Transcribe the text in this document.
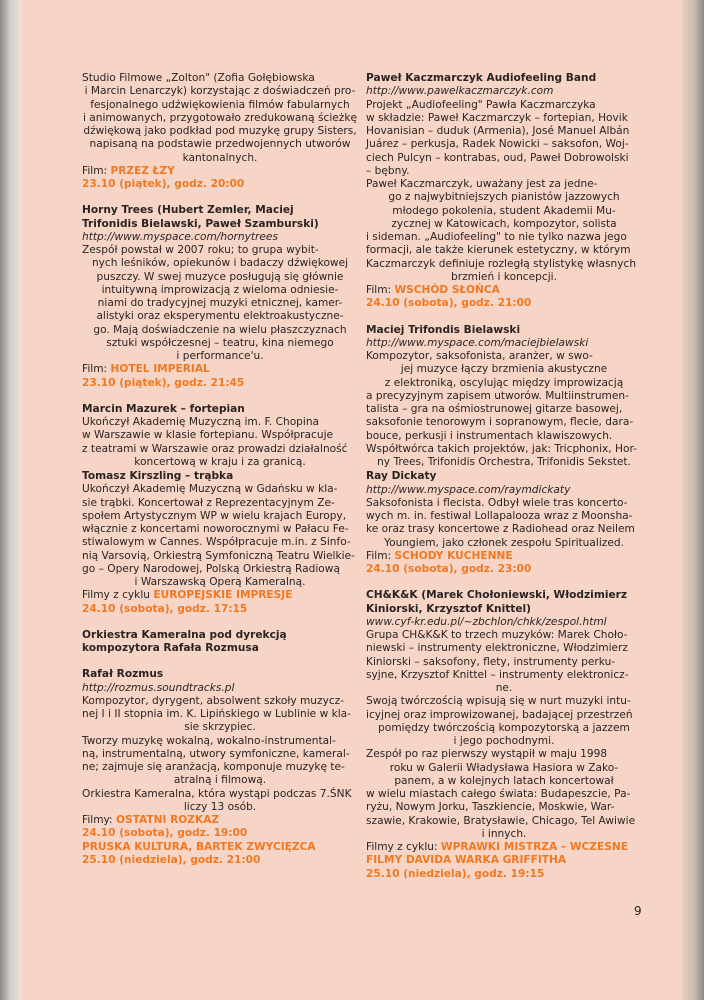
Studio Filmowe „Zolton" (Zofia Gołębiowska
i Marcin Lenarczyk) korzystając z doświadczeń pro-
fesjonalnego udźwiękowienia filmów fabularnych
i animowanych, przygotowało zredukowaną ścieżkę
dźwiękową jako podkład pod muzykę grupy Sisters,
napisaną na podstawie przedwojennych utworów
kantonalnych.
Film: PRZEZ ŁZY
23.10 (piątek), godz. 20:00
Horny Trees (Hubert Zemler, Maciej
Trifonidis Bielawski, Paweł Szamburski)
http://www.myspace.com/hornytrees
Zespół powstał w 2007 roku; to grupa wybit-
nych leśników, opiekunów i badaczy dźwiękowej
puszczy. W swej muzyce posługują się głównie
intuitywną improwizacją z wieloma odniesie-
niami do tradycyjnej muzyki etnicznej, kamer-
alistyki oraz eksperymentu elektroakustyczne-
go. Mają doświadczenie na wielu płaszczyznach
sztuki współczesnej – teatru, kina niemego
i performance'u.
Film: HOTEL IMPERIAL
23.10 (piątek), godz. 21:45
Marcin Mazurek – fortepian
Ukończył Akademię Muzyczną im. F. Chopina
w Warszawie w klasie fortepianu. Współpracuje
z teatrami w Warszawie oraz prowadzi działalność
koncertową w kraju i za granicą.
Tomasz Kirszling – trąbka
Ukończył Akademię Muzyczną w Gdańsku w kla-
sie trąbki. Koncertował z Reprezentacyjnym Ze-
społem Artystycznym WP w wielu krajach Europy,
włącznie z koncertami noworocznymi w Pałacu Fe-
stiwalowym w Cannes. Współpracuje m.in. z Sinfo-
nią Varsovią, Orkiestrą Symfoniczną Teatru Wielkie-
go – Opery Narodowej, Polską Orkiestrą Radiową
i Warszawską Operą Kameralną.
Filmy z cyklu EUROPEJSKIE IMPRESJE
24.10 (sobota), godz. 17:15
Orkiestra Kameralna pod dyrekcją
kompozytora Rafała Rozmusa
Rafał Rozmus
http://rozmus.soundtracks.pl
Kompozytor, dyrygent, absolwent szkoły muzycz-
nej I i II stopnia im. K. Lipińskiego w Lublinie w kla-
sie skrzypiec.
Tworzy muzykę wokalną, wokalno-instrumental-
ną, instrumentalną, utwory symfoniczne, kameral-
ne; zajmuje się aranżacją, komponuje muzykę te-
atralną i filmową.
Orkiestra Kameralna, która wystąpi podczas 7.ŚNK
liczy 13 osób.
Filmy: OSTATNI ROZKAZ
24.10 (sobota), godz. 19:00
PRUSKA KULTURA, BARTEK ZWYCIĘZCA
25.10 (niedziela), godz. 21:00
Paweł Kaczmarczyk Audiofeeling Band
http://www.pawelkaczmarczyk.com
Projekt „Audiofeeling" Pawła Kaczmarczyka
w składzie: Paweł Kaczmarczyk – fortepian, Hovik
Hovanisian – duduk (Armenia), José Manuel Albán
Juárez – perkusja, Radek Nowicki – saksofon, Woj-
ciech Pulcyn – kontrabas, oud, Paweł Dobrowolski
– bębny.
Paweł Kaczmarczyk, uważany jest za jedne-
go z najwybitniejszych pianistów jazzowych
młodego pokolenia, student Akademii Mu-
zycznej w Katowicach, kompozytor, solista
i sideman. „Audiofeeling" to nie tylko nazwa jego
formacji, ale także kierunek estetyczny, w którym
Kaczmarczyk definiuje rozległą stylistykę własnych
brzmień i koncepcji.
Film: WSCHÓD SŁOŃCA
24.10 (sobota), godz. 21:00
Maciej Trifondis Bielawski
http://www.myspace.com/maciejbielawski
Kompozytor, saksofonista, aranżer, w swo-
jej muzyce łączy brzmienia akustyczne
z elektroniką, oscylując między improwizacją
a precyzyjnym zapisem utworów. Multiinstrumen-
talista – gra na ośmiostrunowej gitarze basowej,
saksofonie tenorowym i sopranowym, flecie, dara-
bouce, perkusji i instrumentach klawiszowych.
Współtwórca takich projektów, jak: Tricphonix, Hor-
ny Trees, Trifonidis Orchestra, Trifonidis Sekstet.
Ray Dickaty
http://www.myspace.com/raymdickaty
Saksofonista i flecista. Odbył wiele tras koncerto-
wych m. in. festiwal Lollapalooza wraz z Moonsha-
ke oraz trasy koncertowe z Radiohead oraz Neilem
Youngiem, jako członek zespołu Spiritualized.
Film: SCHODY KUCHENNE
24.10 (sobota), godz. 23:00
CH&K&K (Marek Chołoniewski, Włodzimierz
Kiniorski, Krzysztof Knittel)
www.cyf-kr.edu.pl/~zbchlon/chkk/zespol.html
Grupa CH&K&K to trzech muzyków: Marek Choło-
niewski – instrumenty elektroniczne, Włodzimierz
Kiniorski – saksofony, flety, instrumenty perku-
syjne, Krzysztof Knittel – instrumenty elektronicz-
ne.
Swoją twórczością wpisują się w nurt muzyki intu-
icyjnej oraz improwizowanej, badającej przestrzeń
pomiędzy twórczością kompozytorską a jazzem
i jego pochodnymi.
Zespół po raz pierwszy wystąpił w maju 1998
roku w Galerii Władysława Hasiora w Zako-
panem, a w kolejnych latach koncertował
w wielu miastach całego świata: Budapeszcie, Pa-
ryżu, Nowym Jorku, Taszkiencie, Moskwie, War-
szawie, Krakowie, Bratysławie, Chicago, Tel Awiwie
i innych.
Filmy z cyklu: WPRAWKI MISTRZA – WCZESNE
FILMY DAVIDA WARKA GRIFFITHA
25.10 (niedziela), godz. 19:15
9
